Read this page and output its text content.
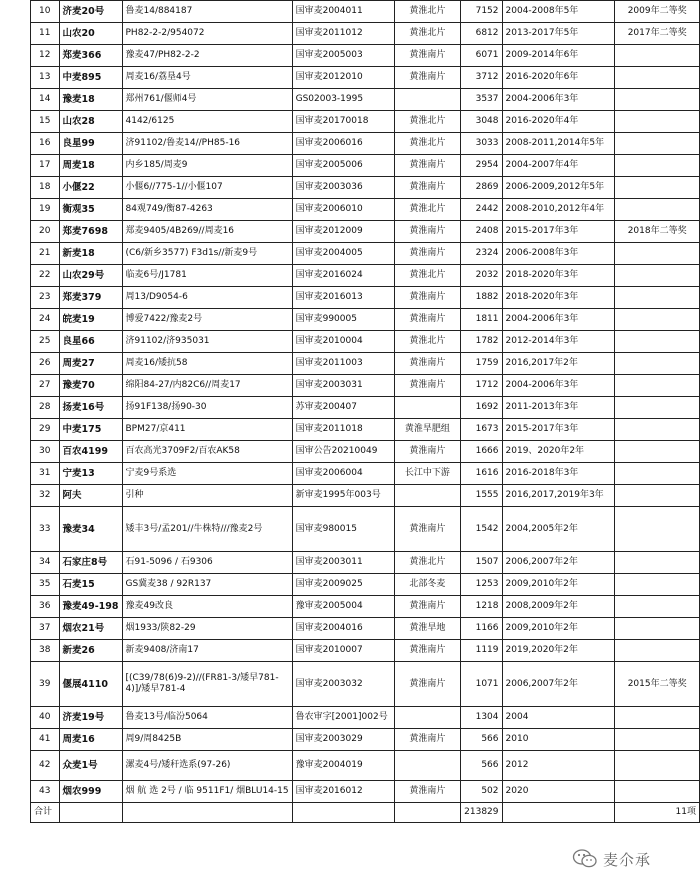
10	济麦20号	鲁麦14/884187	国审麦2004011	黄淮北片	7152	2004-2008年5年	2009年二等奖
11	山农20	PH82-2-2/954072	国审麦2011012	黄淮北片	6812	2013-2017年5年	2017年二等奖
12	郑麦366	豫麦47/PH82-2-2	国审麦2005003	黄淮南片	6071	2009-2014年6年	
13	中麦895	周麦16/荔垦4号	国审麦2012010	黄淮南片	3712	2016-2020年6年	
14	豫麦18	郑州761/偃师4号	GS02003-1995		3537	2004-2006年3年	
15	山农28	4142/6125	国审麦20170018	黄淮北片	3048	2016-2020年4年	
16	良星99	济91102/鲁麦14//PH85-16	国审麦2006016	黄淮北片	3033	2008-2011,2014年5年	
17	周麦18	内乡185/周麦9	国审麦2005006	黄淮南片	2954	2004-2007年4年	
18	小偃22	小偃6//775-1//小偃107	国审麦2003036	黄淮南片	2869	2006-2009,2012年5年	
19	衡观35	84观749/衡87-4263	国审麦2006010	黄淮北片	2442	2008-2010,2012年4年	
20	郑麦7698	郑麦9405/4B269//周麦16	国审麦2012009	黄淮南片	2408	2015-2017年3年	2018年二等奖
21	新麦18	(C6/新乡3577) F3d1s//新麦9号	国审麦2004005	黄淮南片	2324	2006-2008年3年	
22	山农29号	临麦6号/J1781	国审麦2016024	黄淮北片	2032	2018-2020年3年	
23	郑麦379	周13/D9054-6	国审麦2016013	黄淮南片	1882	2018-2020年3年	
24	皖麦19	博爱7422/豫麦2号	国审麦990005	黄淮南片	1811	2004-2006年3年	
25	良星66	济91102/济935031	国审麦2010004	黄淮北片	1782	2012-2014年3年	
26	周麦27	周麦16/矮抗58	国审麦2011003	黄淮南片	1759	2016,2017年2年	
27	豫麦70	绵阳84-27/内82C6//周麦17	国审麦2003031	黄淮南片	1712	2004-2006年3年	
28	扬麦16号	扬91F138/扬90-30	苏审麦200407		1692	2011-2013年3年	
29	中麦175	BPM27/京411	国审麦2011018	黄淮旱肥组	1673	2015-2017年3年	
30	百农4199	百农高光3709F2/百农AK58	国审公告20210049	黄淮南片	1666	2019、2020年2年	
31	宁麦13	宁麦9号系选	国审麦2006004	长江中下游	1616	2016-2018年3年	
32	阿夫	引种	新审麦1995年003号		1555	2016,2017,2019年3年	
33	豫麦34	矮丰3号/孟201//牛株特///豫麦2号	国审麦980015	黄淮南片	1542	2004,2005年2年	
34	石家庄8号	石91-5096 / 石9306	国审麦2003011	黄淮北片	1507	2006,2007年2年	
35	石麦15	GS冀麦38 / 92R137	国审麦2009025	北部冬麦	1253	2009,2010年2年	
36	豫麦49-198	豫麦49改良	豫审麦2005004	黄淮南片	1218	2008,2009年2年	
37	烟农21号	烟1933/陕82-29	国审麦2004016	黄淮旱地	1166	2009,2010年2年	
38	新麦26	新麦9408/济南17	国审麦2010007	黄淮南片	1119	2019,2020年2年	
39	偃展4110	[(C39/78(6)9-2)//(FR81-3/矮早781-4)]/矮早781-4	国审麦2003032	黄淮南片	1071	2006,2007年2年	2015年二等奖
40	济麦19号	鲁麦13号/临汾5064	鲁农审字[2001]002号		1304	2004	
41	周麦16	周9/周8425B	国审麦2003029	黄淮南片	566	2010	
42	众麦1号	漯麦4号/矮秆选系(97-26)	豫审麦2004019		566	2012	
43	烟农999	烟 航 选 2号 / 临 9511F1/ 烟BLU14-15	国审麦2016012	黄淮南片	502	2020	
合计					213829		11项
麦尒承
